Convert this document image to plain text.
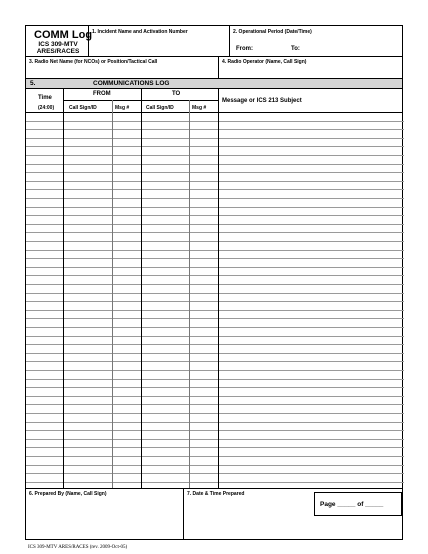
COMM Log
ICS 309-MTV
ARES/RACES
1. Incident Name and Activation Number	2. Operational Period (Date/Time)
From:	To:
3. Radio Net Name (for NCOs) or Position/Tactical Call	4. Radio Operator (Name, Call Sign)
5.	COMMUNICATIONS LOG
Time
(24:00)
FROM	TO
Call Sign/ID	Msg #	Call Sign/ID	Msg #
Message or ICS 213 Subject
6. Prepared By (Name, Call Sign)	7. Date & Time Prepared
Page _____ of _____
ICS 309-MTV ARES/RACES (rev. 2009-Oct-05)
